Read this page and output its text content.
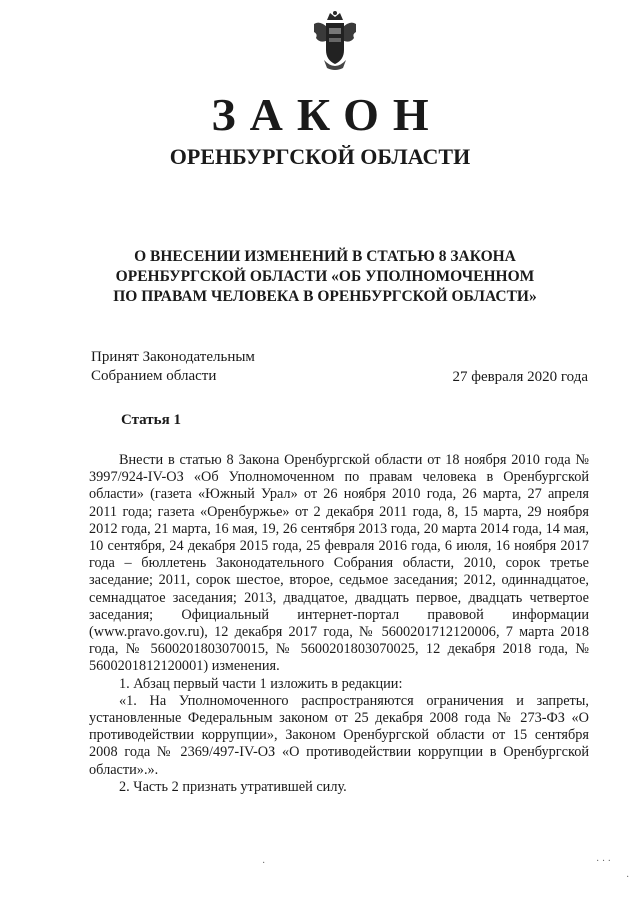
ЗАКОН
ОРЕНБУРГСКОЙ ОБЛАСТИ
О ВНЕСЕНИИ ИЗМЕНЕНИЙ В СТАТЬЮ 8 ЗАКОНА
ОРЕНБУРГСКОЙ ОБЛАСТИ «ОБ УПОЛНОМОЧЕННОМ
ПО ПРАВАМ ЧЕЛОВЕКА В ОРЕНБУРГСКОЙ ОБЛАСТИ»
Принят Законодательным
Собранием области	27 февраля 2020 года
Статья 1

Внести в статью 8 Закона Оренбургской области от 18 ноября 2010 года № 3997/924-IV-ОЗ «Об Уполномоченном по правам человека в Оренбургской области» (газета «Южный Урал» от 26 ноября 2010 года, 26 марта, 27 апреля 2011 года; газета «Оренбуржье» от 2 декабря 2011 года, 8, 15 марта, 29 ноября 2012 года, 21 марта, 16 мая, 19, 26 сентября 2013 года, 20 марта 2014 года, 14 мая, 10 сентября, 24 декабря 2015 года, 25 февраля 2016 года, 6 июля, 16 ноября 2017 года – бюллетень Законодательного Собрания области, 2010, сорок третье заседание; 2011, сорок шестое, второе, седьмое заседания; 2012, одиннадцатое, семнадцатое заседания; 2013, двадцатое, двадцать первое, двадцать четвертое заседания; Официальный интернет-портал правовой информации (www.pravo.gov.ru), 12 декабря 2017 года, № 5600201712120006, 7 марта 2018 года, № 5600201803070015, № 5600201803070025, 12 декабря 2018 года, № 5600201812120001) изменения.

1. Абзац первый части 1 изложить в редакции:

«1. На Уполномоченного распространяются ограничения и запреты, установленные Федеральным законом от 25 декабря 2008 года № 273-ФЗ «О противодействии коррупции», Законом Оренбургской области от 15 сентября 2008 года № 2369/497-IV-ОЗ «О противодействии коррупции в Оренбургской области».».

2. Часть 2 признать утратившей силу.

·	· · ·
·
